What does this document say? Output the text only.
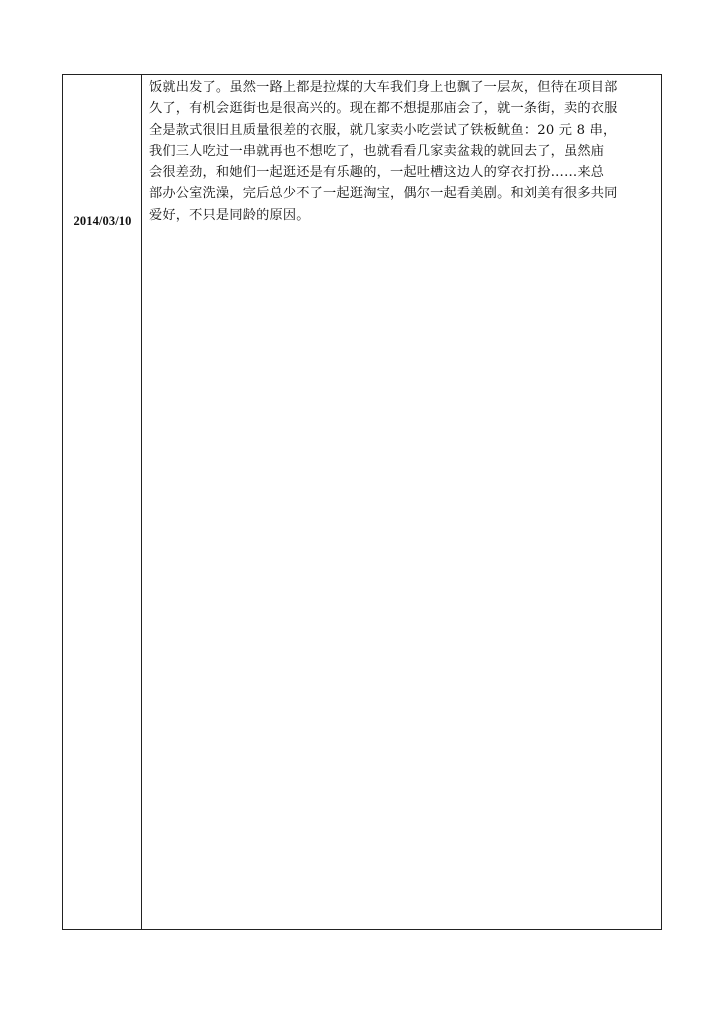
2014/03/10
饭就出发了。虽然一路上都是拉煤的大车我们身上也飘了一层灰，但待在项目部
久了，有机会逛街也是很高兴的。现在都不想提那庙会了，就一条街，卖的衣服
全是款式很旧且质量很差的衣服，就几家卖小吃尝试了铁板鱿鱼：20 元 8 串，
我们三人吃过一串就再也不想吃了，也就看看几家卖盆栽的就回去了，虽然庙
会很差劲，和她们一起逛还是有乐趣的，一起吐槽这边人的穿衣打扮……来总
部办公室洗澡，完后总少不了一起逛淘宝，偶尔一起看美剧。和刘美有很多共同
爱好，不只是同龄的原因。
